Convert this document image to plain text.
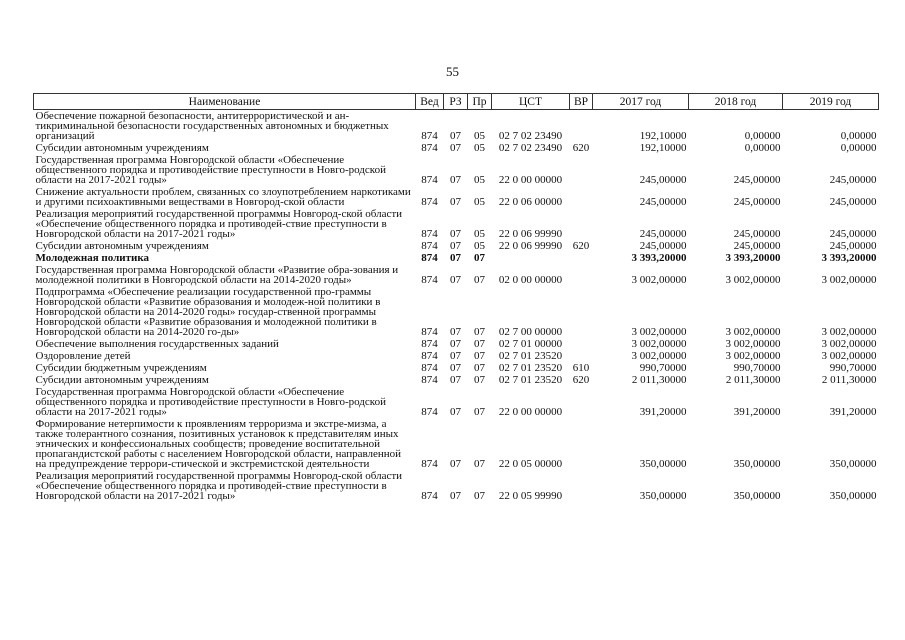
55
Наименование	Вед	РЗ	Пр	ЦСТ	ВР	2017 год	2018 год	2019 год
Обеспечение пожарной безопасности, антитеррористической и ан-тикриминальной безопасности государственных автономных и бюджетных организаций	874	07	05	02 7 02 23490		192,10000	0,00000	0,00000
Субсидии автономным учреждениям	874	07	05	02 7 02 23490	620	192,10000	0,00000	0,00000
Государственная программа Новгородской области «Обеспечение общественного порядка и противодействие преступности в Новго-родской области на 2017-2021 годы»	874	07	05	22 0 00 00000		245,00000	245,00000	245,00000
Снижение актуальности проблем, связанных со злоупотреблением наркотиками и другими психоактивными веществами в Новгород-ской области	874	07	05	22 0 06 00000		245,00000	245,00000	245,00000
Реализация мероприятий государственной программы Новгород-ской области «Обеспечение общественного порядка и противодей-ствие преступности в Новгородской области на 2017-2021 годы»	874	07	05	22 0 06 99990		245,00000	245,00000	245,00000
Субсидии автономным учреждениям	874	07	05	22 0 06 99990	620	245,00000	245,00000	245,00000
Молодежная политика	874	07	07			3 393,20000	3 393,20000	3 393,20000
Государственная программа Новгородской области «Развитие обра-зования и молодежной политики в Новгородской области на 2014-2020 годы»	874	07	07	02 0 00 00000		3 002,00000	3 002,00000	3 002,00000
Подпрограмма «Обеспечение реализации государственной про-граммы Новгородской области «Развитие образования и молодеж-ной политики в Новгородской области на 2014-2020 годы» государ-ственной программы Новгородской области «Развитие образования и молодежной политики в Новгородской области на 2014-2020 го-ды»	874	07	07	02 7 00 00000		3 002,00000	3 002,00000	3 002,00000
Обеспечение выполнения государственных заданий	874	07	07	02 7 01 00000		3 002,00000	3 002,00000	3 002,00000
Оздоровление детей	874	07	07	02 7 01 23520		3 002,00000	3 002,00000	3 002,00000
Субсидии бюджетным учреждениям	874	07	07	02 7 01 23520	610	990,70000	990,70000	990,70000
Субсидии автономным учреждениям	874	07	07	02 7 01 23520	620	2 011,30000	2 011,30000	2 011,30000
Государственная программа Новгородской области «Обеспечение общественного порядка и противодействие преступности в Новго-родской области на 2017-2021 годы»	874	07	07	22 0 00 00000		391,20000	391,20000	391,20000
Формирование нетерпимости к проявлениям терроризма и экстре-мизма, а также толерантного сознания, позитивных установок к представителям иных этнических и конфессиональных сообществ; проведение воспитательной пропагандистской работы с населением Новгородской области, направленной на предупреждение террори-стической и экстремистской деятельности	874	07	07	22 0 05 00000		350,00000	350,00000	350,00000
Реализация мероприятий государственной программы Новгород-ской области «Обеспечение общественного порядка и противодей-ствие преступности в Новгородской области на 2017-2021 годы»	874	07	07	22 0 05 99990		350,00000	350,00000	350,00000
